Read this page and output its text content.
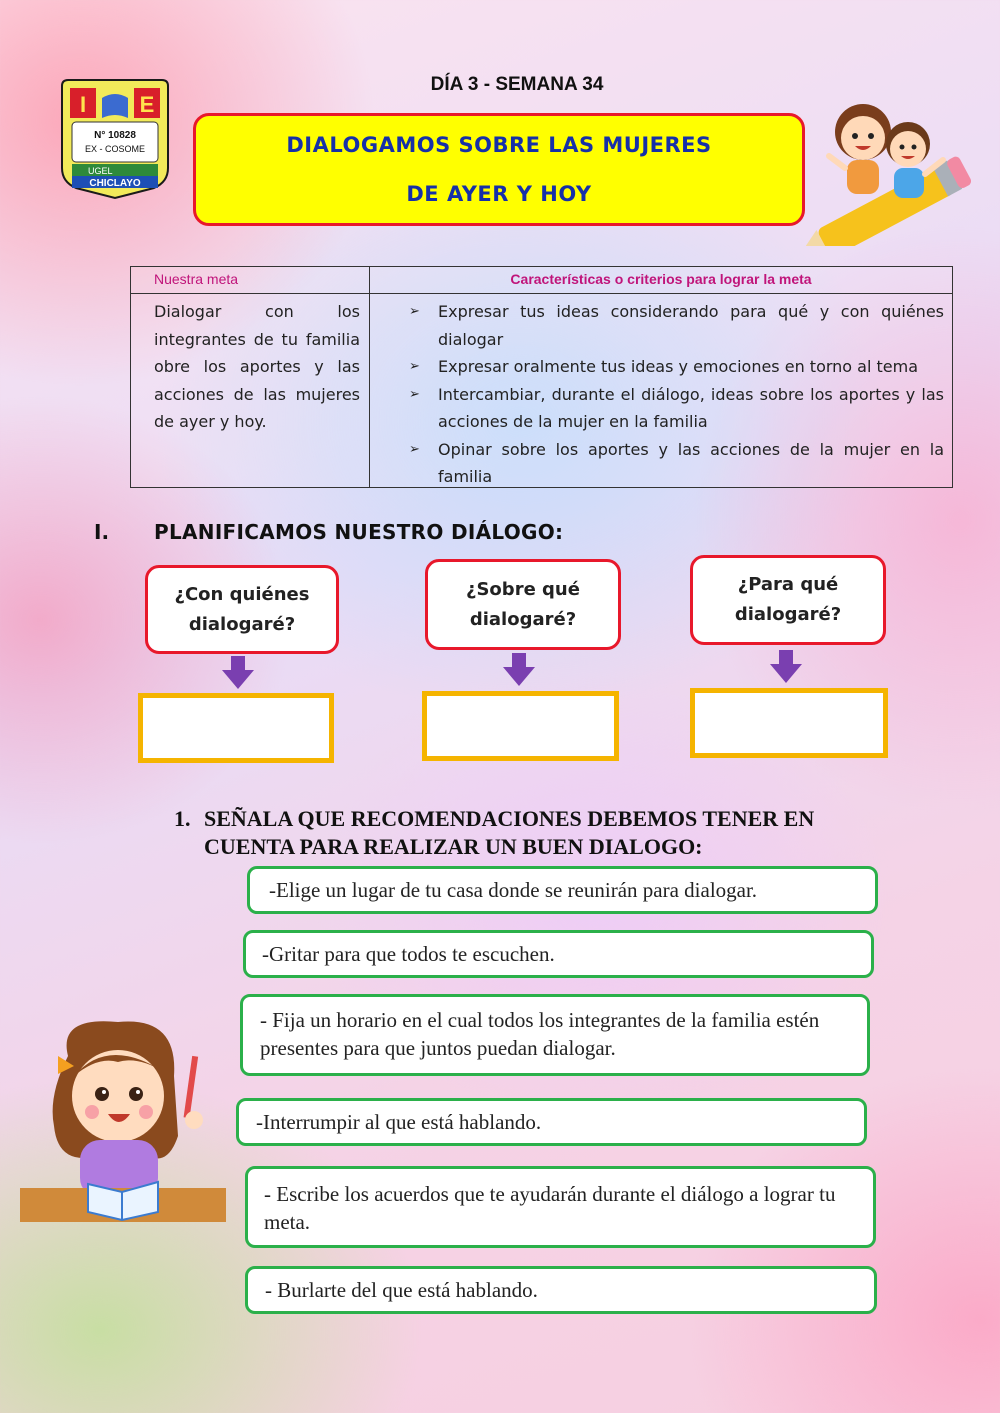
DÍA 3 - SEMANA 34
I E
N° 10828
EX - COSOME
UGEL
CHICLAYO
DIALOGAMOS SOBRE LAS MUJERES
DE AYER Y HOY
Nuestra meta	Características o criterios para lograr la meta
Dialogar con los integrantes de tu familia obre los aportes y las acciones de las mujeres de ayer y hoy.
➢ Expresar tus ideas considerando para qué y con quiénes dialogar
➢ Expresar oralmente tus ideas y emociones en torno al tema
➢ Intercambiar, durante el diálogo, ideas sobre los aportes y las acciones de la mujer en la familia
➢ Opinar sobre los aportes y las acciones de la mujer en la familia
I. PLANIFICAMOS NUESTRO DIÁLOGO:
¿Con quiénes dialogaré?
¿Sobre qué dialogaré?
¿Para qué dialogaré?
1. SEÑALA QUE RECOMENDACIONES DEBEMOS TENER EN CUENTA PARA REALIZAR UN BUEN DIALOGO:
-Elige un lugar de tu casa donde se reunirán para dialogar.
-Gritar para que todos te escuchen.
- Fija un horario en el cual todos los integrantes de la familia estén presentes para que juntos puedan dialogar.
-Interrumpir al que está hablando.
- Escribe los acuerdos que te ayudarán durante el diálogo a lograr tu meta.
- Burlarte del que está hablando.
